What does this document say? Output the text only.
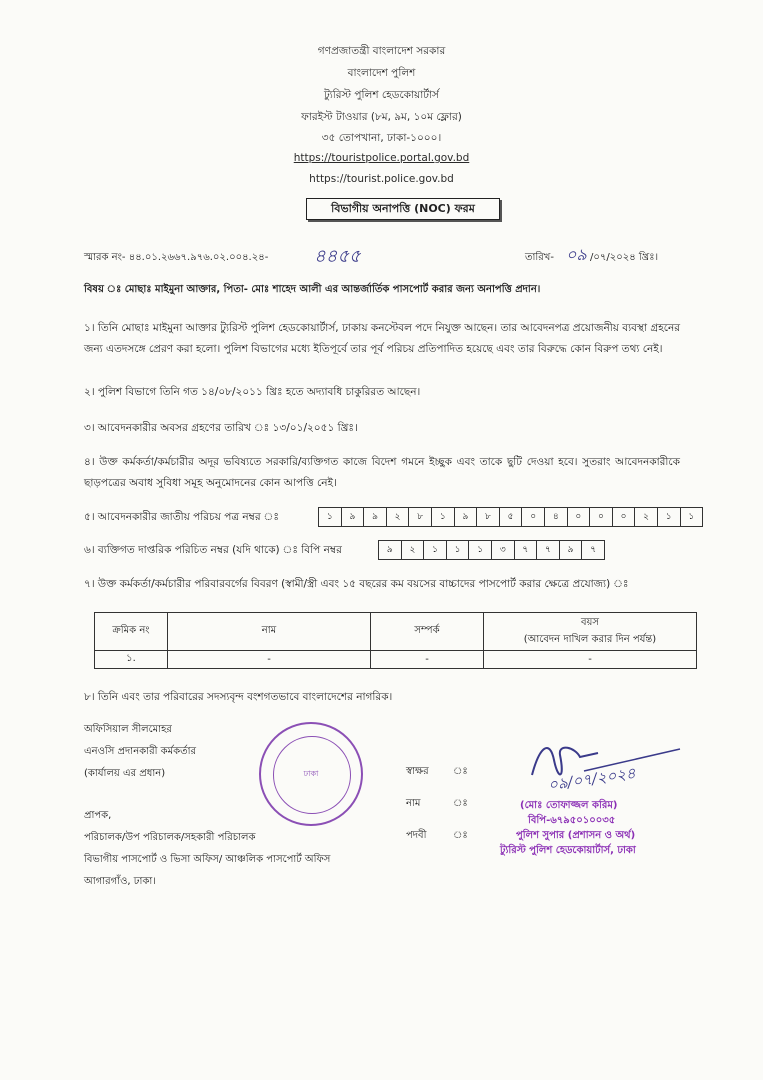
গণপ্রজাতন্ত্রী বাংলাদেশ সরকার
বাংলাদেশ পুলিশ
ট্যুরিস্ট পুলিশ হেডকোয়ার্টার্স
ফারইস্ট টাওয়ার (৮ম, ৯ম, ১০ম ফ্লোর)
৩৫ তোপখানা, ঢাকা-১০০০।
https://touristpolice.portal.gov.bd
https://tourist.police.gov.bd
বিভাগীয় অনাপত্তি (NOC) ফরম
স্মারক নং- ৪৪.০১.২৬৬৭.৯৭৬.০২.০০৪.২৪-	৪৪৫৫	তারিখ- ০৯ /০৭/২০২৪ খ্রিঃ।
বিষয় ঃ মোছাঃ মাইমুনা আক্তার, পিতা- মোঃ শাহেদ আলী এর আন্তর্জার্তিক পাসপোর্ট করার জন্য অনাপত্তি প্রদান।
১। তিনি মোছাঃ মাইমুনা আক্তার ট্যুরিস্ট পুলিশ হেডকোয়ার্টার্স, ঢাকায় কনস্টেবল পদে নিযুক্ত আছেন। তার আবেদনপত্র প্রয়োজনীয় ব্যবস্থা গ্রহনের জন্য এতদসঙ্গে প্রেরণ করা হলো। পুলিশ বিভাগের মধ্যে ইতিপূর্বে তার পূর্ব পরিচয় প্রতিপাদিত হয়েছে এবং তার বিরুদ্ধে কোন বিরুপ তথ্য নেই।
২। পুলিশ বিভাগে তিনি গত ১৪/০৮/২০১১ খ্রিঃ হতে অদ্যাবধি চাকুরিরত আছেন।
৩। আবেদনকারীর অবসর গ্রহণের তারিখ ঃ ১৩/০১/২০৫১ খ্রিঃ।
৪। উক্ত কর্মকর্তা/কর্মচারীর অদূর ভবিষ্যতে সরকারি/ব্যক্তিগত কাজে বিদেশ গমনে ইচ্ছুক এবং তাকে ছুটি দেওয়া হবে। সুতরাং আবেদনকারীকে ছাড়পত্রের অবাধ সুবিধা সমূহ অনুমোদনের কোন আপত্তি নেই।
৫। আবেদনকারীর জাতীয় পরিচয় পত্র নম্বর ঃ	১	৯	৯	২	৮	১	৯	৮	৫	০	৪	০	০	০	২	১	১
৬। ব্যক্তিগত দাপ্তরিক পরিচিত নম্বর (যদি থাকে) ঃ বিপি নম্বর	৯	২	১	১	১	৩	৭	৭	৯	৭
৭। উক্ত কর্মকর্তা/কর্মচারীর পরিবারবর্গের বিবরণ (স্বামী/স্ত্রী এবং ১৫ বছরের কম বয়সের বাচ্চাদের পাসপোর্ট করার ক্ষেত্রে প্রযোজ্য) ঃ
ক্রমিক নং	নাম	সম্পর্ক	বয়স
(আবেদন দাখিল করার দিন পর্যন্ত)

১.	-	-	-
৮। তিনি এবং তার পরিবারের সদস্যবৃন্দ বংশগতভাবে বাংলাদেশের নাগরিক।
অফিসিয়াল সীলমোহর
এনওসি প্রদানকারী কর্মকর্তার
(কার্যালয় এর প্রধান)	ঢাকা	স্বাক্ষর ঃ
নাম	ঃ
পদবী	ঃ
০৯/০৭/২০২৪
(মোঃ তোফাজ্জল করিম)
বিপি-৬৭৯৫০১০০৩৫
পুলিশ সুপার (প্রশাসন ও অর্থ)
ট্যুরিস্ট পুলিশ হেডকোয়ার্টার্স, ঢাকা
প্রাপক,
পরিচালক/উপ পরিচালক/সহকারী পরিচালক
বিভাগীয় পাসপোর্ট ও ভিসা অফিস/ আঞ্চলিক পাসপোর্ট অফিস
আগারগাঁও, ঢাকা।
